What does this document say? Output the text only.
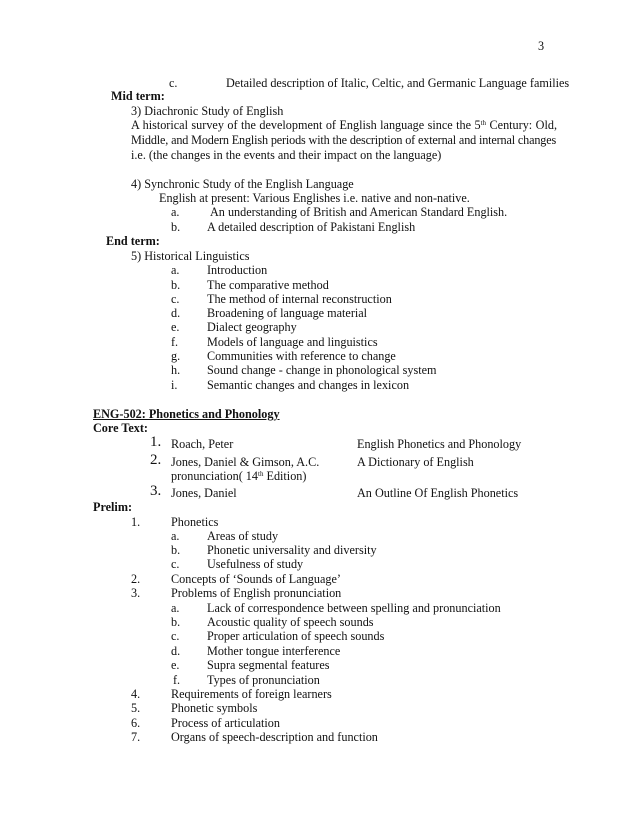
3
c.	Detailed description of Italic, Celtic, and Germanic Language families
Mid term:
3) Diachronic Study of English
A historical survey of the development of English language since the 5th Century: Old,
Middle, and Modern English periods with the description of external and internal changes
i.e. (the changes in the events and their impact on the language)
4) Synchronic Study of the English Language
English at present: Various Englishes i.e. native and non-native.
a.	An understanding of British and American Standard English.
b. A detailed description of Pakistani English
End term:
5) Historical Linguistics
a. Introduction
b. The comparative method
c. The method of internal reconstruction
d. Broadening of language material
e. Dialect geography
f. Models of language and linguistics
g. Communities with reference to change
h. Sound change - change in phonological system
i. Semantic changes and changes in lexicon
ENG-502: Phonetics and Phonology
Core Text:
1. Roach, Peter	English Phonetics and Phonology
2. Jones, Daniel & Gimson, A.C.	A Dictionary of English
pronunciation( 14th Edition)
3. Jones, Daniel	An Outline Of English Phonetics
Prelim:
1.	Phonetics
a. Areas of study
b. Phonetic universality and diversity
c. Usefulness of study
2.	Concepts of ‘Sounds of Language’
3.	Problems of English pronunciation
a. Lack of correspondence between spelling and pronunciation
b. Acoustic quality of speech sounds
c. Proper articulation of speech sounds
d. Mother tongue interference
e. Supra segmental features
f. Types of pronunciation
4.	Requirements of foreign learners
5.	Phonetic symbols
6.	Process of articulation
7.	Organs of speech-description and function
